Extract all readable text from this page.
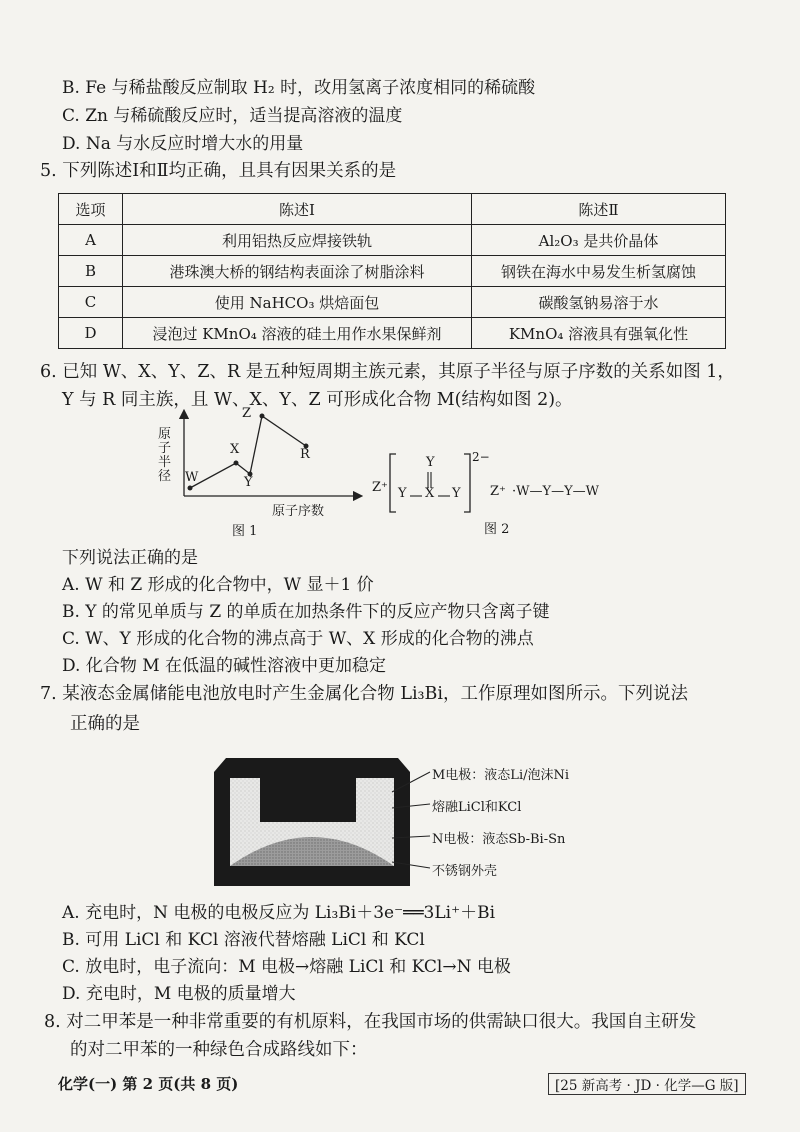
B. Fe 与稀盐酸反应制取 H₂ 时，改用氢离子浓度相同的稀硫酸
C. Zn 与稀硫酸反应时，适当提高溶液的温度
D. Na 与水反应时增大水的用量
5. 下列陈述Ⅰ和Ⅱ均正确，且具有因果关系的是
选项	陈述Ⅰ	陈述Ⅱ
A	利用铝热反应焊接铁轨	Al₂O₃ 是共价晶体
B	港珠澳大桥的钢结构表面涂了树脂涂料	钢铁在海水中易发生析氢腐蚀
C	使用 NaHCO₃ 烘焙面包	碳酸氢钠易溶于水
D	浸泡过 KMnO₄ 溶液的硅土用作水果保鲜剂	KMnO₄ 溶液具有强氧化性
6. 已知 W、X、Y、Z、R 是五种短周期主族元素，其原子半径与原子序数的关系如图 1，
Y 与 R 同主族，且 W、X、Y、Z 可形成化合物 M(结构如图 2)。
W
X
Y
Z
R
原子半径
原子序数
图 1
Z⁺
Y
Y X Y
2−
Z⁺ ·W—Y—Y—W
图 2
下列说法正确的是
A. W 和 Z 形成的化合物中，W 显＋1 价
B. Y 的常见单质与 Z 的单质在加热条件下的反应产物只含离子键
C. W、Y 形成的化合物的沸点高于 W、X 形成的化合物的沸点
D. 化合物 M 在低温的碱性溶液中更加稳定
7. 某液态金属储能电池放电时产生金属化合物 Li₃Bi，工作原理如图所示。下列说法
正确的是
M电极：液态Li/泡沫Ni
熔融LiCl和KCl
N电极：液态Sb-Bi-Sn
不锈钢外壳
A. 充电时，N 电极的电极反应为 Li₃Bi＋3e⁻══3Li⁺＋Bi
B. 可用 LiCl 和 KCl 溶液代替熔融 LiCl 和 KCl
C. 放电时，电子流向：M 电极→熔融 LiCl 和 KCl→N 电极
D. 充电时，M 电极的质量增大
8. 对二甲苯是一种非常重要的有机原料，在我国市场的供需缺口很大。我国自主研发
的对二甲苯的一种绿色合成路线如下：
化学(一) 第 2 页(共 8 页)	[25 新高考 · JD · 化学—G 版]
